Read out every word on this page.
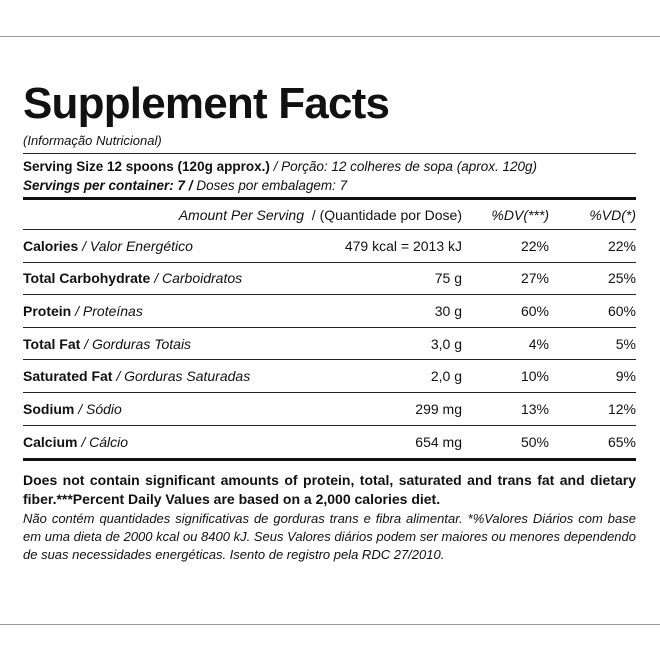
Supplement Facts
(Informação Nutricional)
Serving Size 12 spoons (120g approx.) / Porção: 12 colheres de sopa (aprox. 120g)
Servings per container: 7 / Doses por embalagem: 7
Amount Per Serving  / (Quantidade por Dose)	%DV(***)	%VD(*)
Calories / Valor Energético	479 kcal = 2013 kJ	22%	22%
Total Carbohydrate / Carboidratos	75 g	27%	25%
Protein / Proteínas	30 g	60%	60%
Total Fat / Gorduras Totais	3,0 g	4%	5%
Saturated Fat / Gorduras Saturadas	2,0 g	10%	9%
Sodium / Sódio	299 mg	13%	12%
Calcium / Cálcio	654 mg	50%	65%

Does not contain significant amounts of protein, total, saturated and trans fat and dietary fiber.***Percent Daily Values are based on a 2,000 calories diet.

Não contém quantidades significativas de gorduras trans e fibra alimentar. *%Valores Diários com base em uma dieta de 2000 kcal ou 8400 kJ. Seus Valores diários podem ser maiores ou menores dependendo de suas necessidades energéticas. Isento de registro pela RDC 27/2010.
